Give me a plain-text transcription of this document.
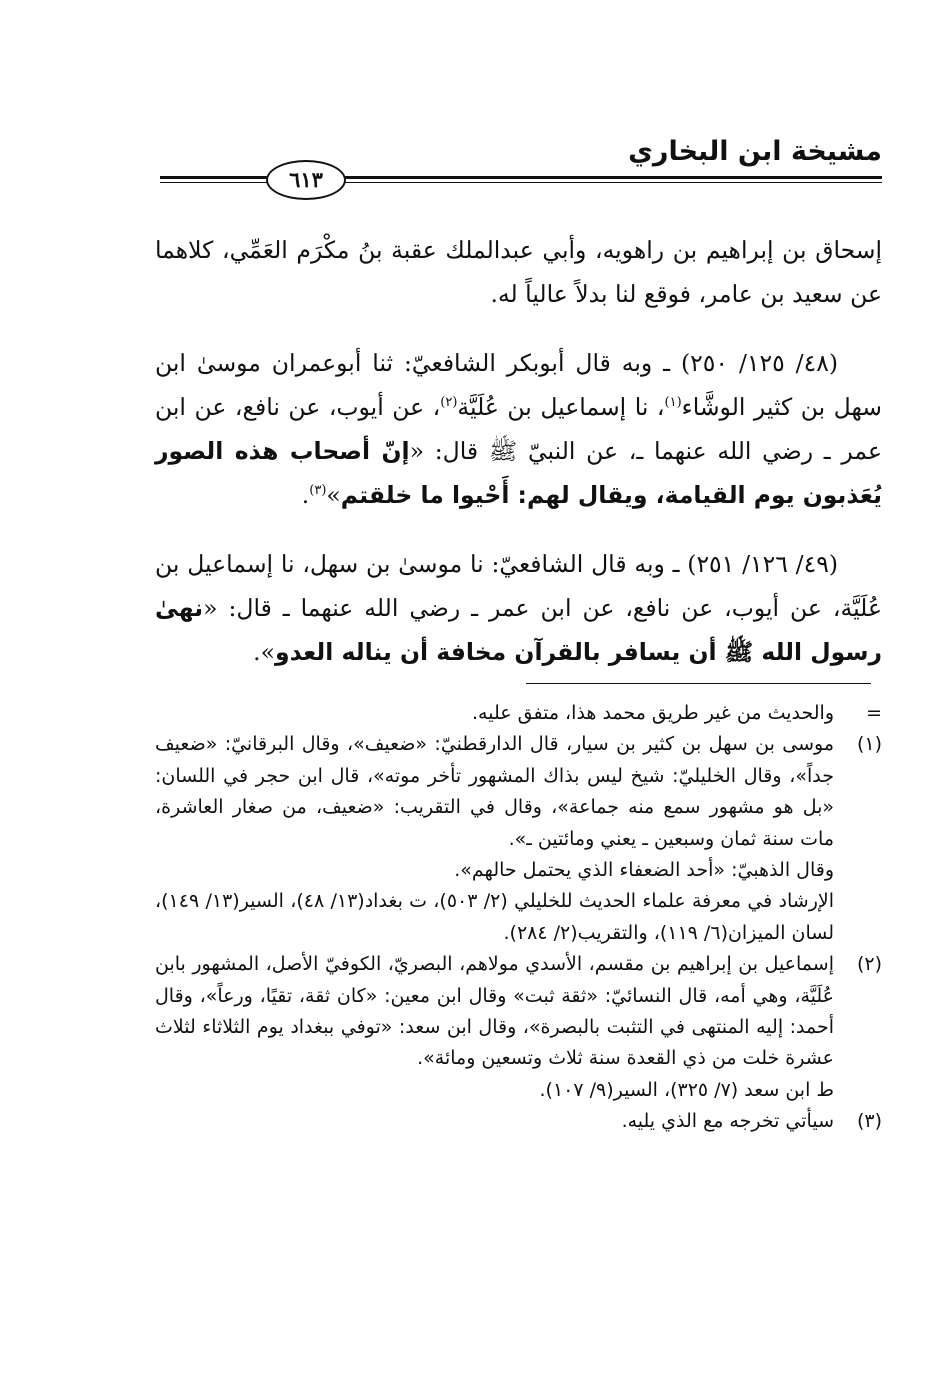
مشيخة ابن البخاري
٦١٣

إسحاق بن إبراهيم بن راهويه، وأبي عبدالملك عقبة بنُ مكْرَم العَمِّي، كلاهما عن سعيد بن عامر، فوقع لنا بدلاً عالياً له.

(٤٨/ ١٢٥/ ٢٥٠) ـ وبه قال أبوبكر الشافعيّ: ثنا أبوعمران موسىٰ ابن سهل بن كثير الوشَّاء$^{(١)}$، نا إسماعيل بن عُلَيَّة$^{(٢)}$، عن أيوب، عن نافع، عن ابن عمر ـ رضي الله عنهما ـ، عن النبيّ ﷺ قال: «إنّ أصحاب هذه الصور يُعَذبون يوم القيامة، ويقال لهم: أَحْيوا ما خلقتم»$^{(٣)}$.

(٤٩/ ١٢٦/ ٢٥١) ـ وبه قال الشافعيّ: نا موسىٰ بن سهل، نا إسماعيل بن عُلَيَّة، عن أيوب، عن نافع، عن ابن عمر ـ رضي الله عنهما ـ قال: «نهىٰ رسول الله ﷺ أن يسافر بالقرآن مخافة أن يناله العدو».

=
والحديث من غير طريق محمد هذا، متفق عليه.
(١)
موسى بن سهل بن كثير بن سيار، قال الدارقطنيّ: «ضعيف»، وقال البرقانيّ: «ضعيف جداً»، وقال الخليليّ: شيخ ليس بذاك المشهور تأخر موته»، قال ابن حجر في اللسان: «بل هو مشهور سمع منه جماعة»، وقال في التقريب: «ضعيف، من صغار العاشرة، مات سنة ثمان وسبعين ـ يعني ومائتين ـ».
وقال الذهبيّ: «أحد الضعفاء الذي يحتمل حالهم».
الإرشاد في معرفة علماء الحديث للخليلي (٢/ ٥٠٣)، ت بغداد(١٣/ ٤٨)، السير(١٣/ ١٤٩)، لسان الميزان(٦/ ١١٩)، والتقريب(٢/ ٢٨٤).
(٢)
إسماعيل بن إبراهيم بن مقسم، الأسدي مولاهم، البصريّ، الكوفيّ الأصل، المشهور بابن عُلَيَّة، وهي أمه، قال النسائيّ: «ثقة ثبت» وقال ابن معين: «كان ثقة، تقيًا، ورعاً»، وقال أحمد: إليه المنتهى في التثبت بالبصرة»، وقال ابن سعد: «توفي ببغداد يوم الثلاثاء لثلاث عشرة خلت من ذي القعدة سنة ثلاث وتسعين ومائة».
ط ابن سعد (٧/ ٣٢٥)، السير(٩/ ١٠٧).
(٣)
سيأتي تخرجه مع الذي يليه.
